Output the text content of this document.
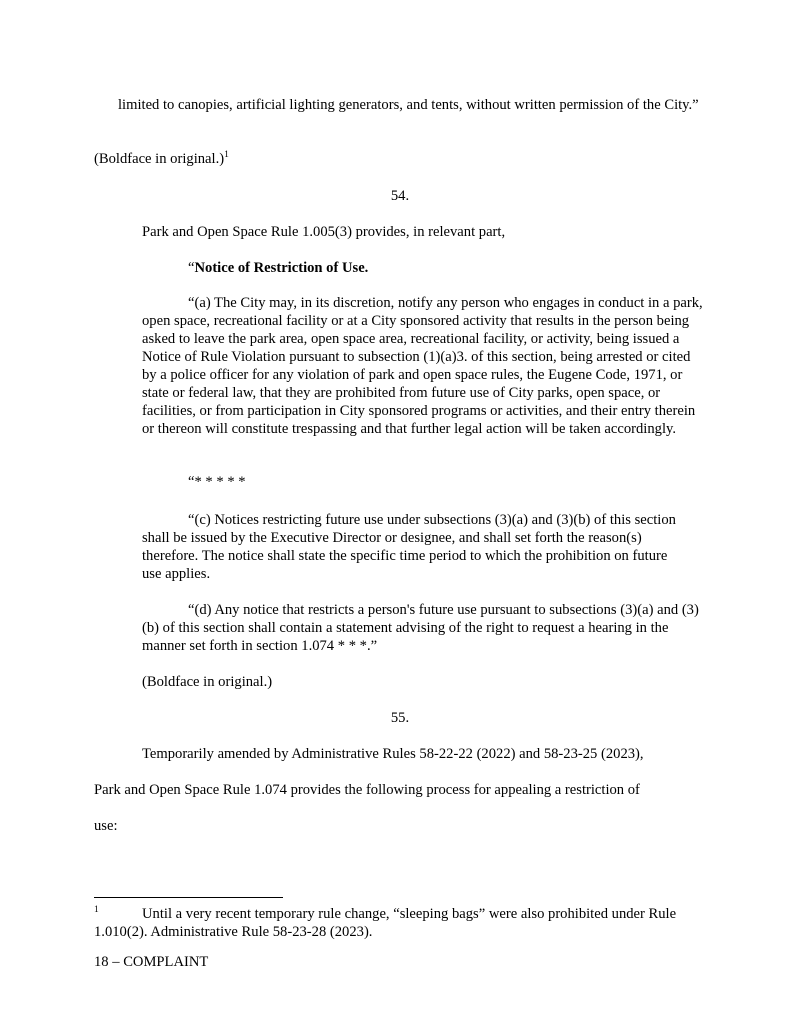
limited to canopies, artificial lighting generators, and tents, without written permission of the City.”

(Boldface in original.)$^1$

54.

Park and Open Space Rule 1.005(3) provides, in relevant part,

“Notice of Restriction of Use.

“(a) The City may, in its discretion, notify any person who engages in conduct in a park, open space, recreational facility or at a City sponsored activity that results in the person being asked to leave the park area, open space area, recreational facility, or activity, being issued a Notice of Rule Violation pursuant to subsection (1)(a)3. of this section, being arrested or cited by a police officer for any violation of park and open space rules, the Eugene Code, 1971, or state or federal law, that they are prohibited from future use of City parks, open space, or facilities, or from participation in City sponsored programs or activities, and their entry therein or thereon will constitute trespassing and that further legal action will be taken accordingly.

“* * * * *

“(c) Notices restricting future use under subsections (3)(a) and (3)(b) of this section shall be issued by the Executive Director or designee, and shall set forth the reason(s) therefore. The notice shall state the specific time period to which the prohibition on future use applies.

“(d) Any notice that restricts a person's future use pursuant to subsections (3)(a) and (3)(b) of this section shall contain a statement advising of the right to request a hearing in the manner set forth in section 1.074 * * *.”

(Boldface in original.)

55.

Temporarily amended by Administrative Rules 58-22-22 (2022) and 58-23-25 (2023),

Park and Open Space Rule 1.074 provides the following process for appealing a restriction of

use:

1	Until a very recent temporary rule change, “sleeping bags” were also prohibited under Rule 1.010(2). Administrative Rule 58-23-28 (2023).

18 – COMPLAINT
